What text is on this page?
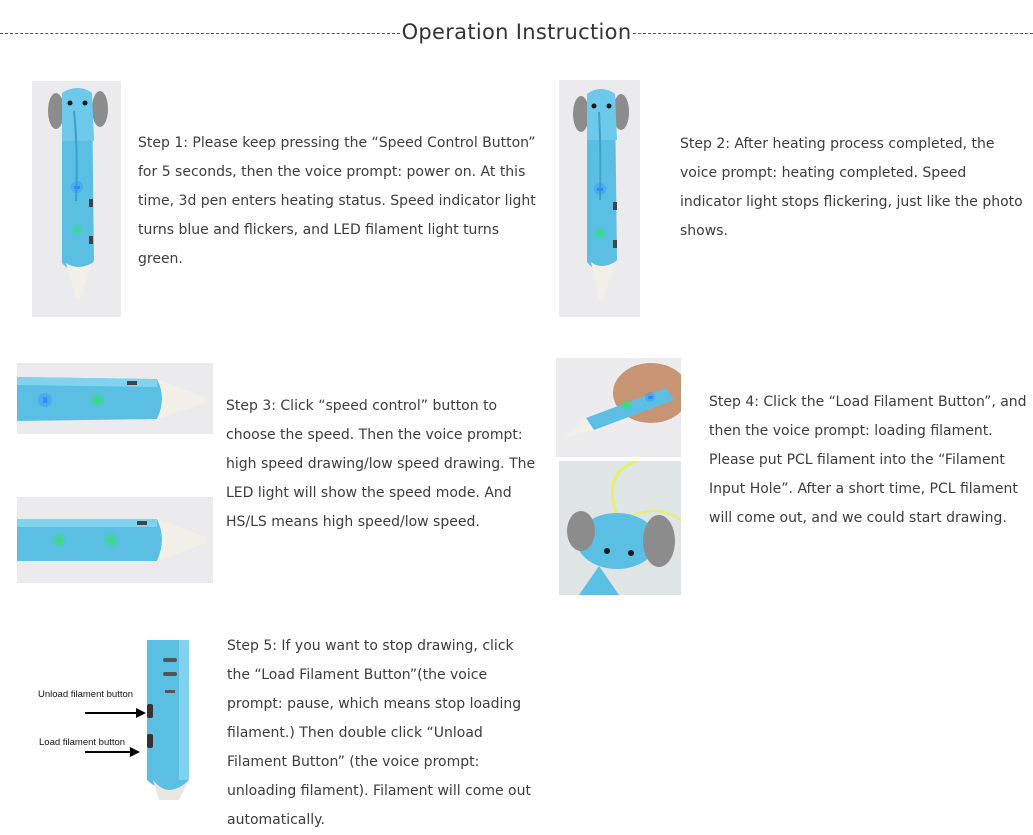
Operation Instruction

Step 1: Please keep pressing the “Speed Control Button” for 5 seconds, then the voice prompt: power on. At this time, 3d pen enters heating status. Speed indicator light turns blue and flickers, and LED filament light turns green.

Step 2: After heating process completed, the voice prompt: heating completed. Speed indicator light stops flickering, just like the photo shows.

Step 3: Click “speed control” button to choose the speed. Then the voice prompt: high speed drawing/low speed drawing. The LED light will show the speed mode. And HS/LS means high speed/low speed.

Step 4: Click the “Load Filament Button”, and then the voice prompt: loading filament. Please put PCL filament into the “Filament Input Hole”. After a short time, PCL filament will come out, and we could start drawing.

Unload filament button
Load filament button

Step 5: If you want to stop drawing, click the “Load Filament Button”(the voice prompt: pause, which means stop loading filament.) Then double click “Unload Filament Button” (the voice prompt: unloading filament). Filament will come out automatically.
